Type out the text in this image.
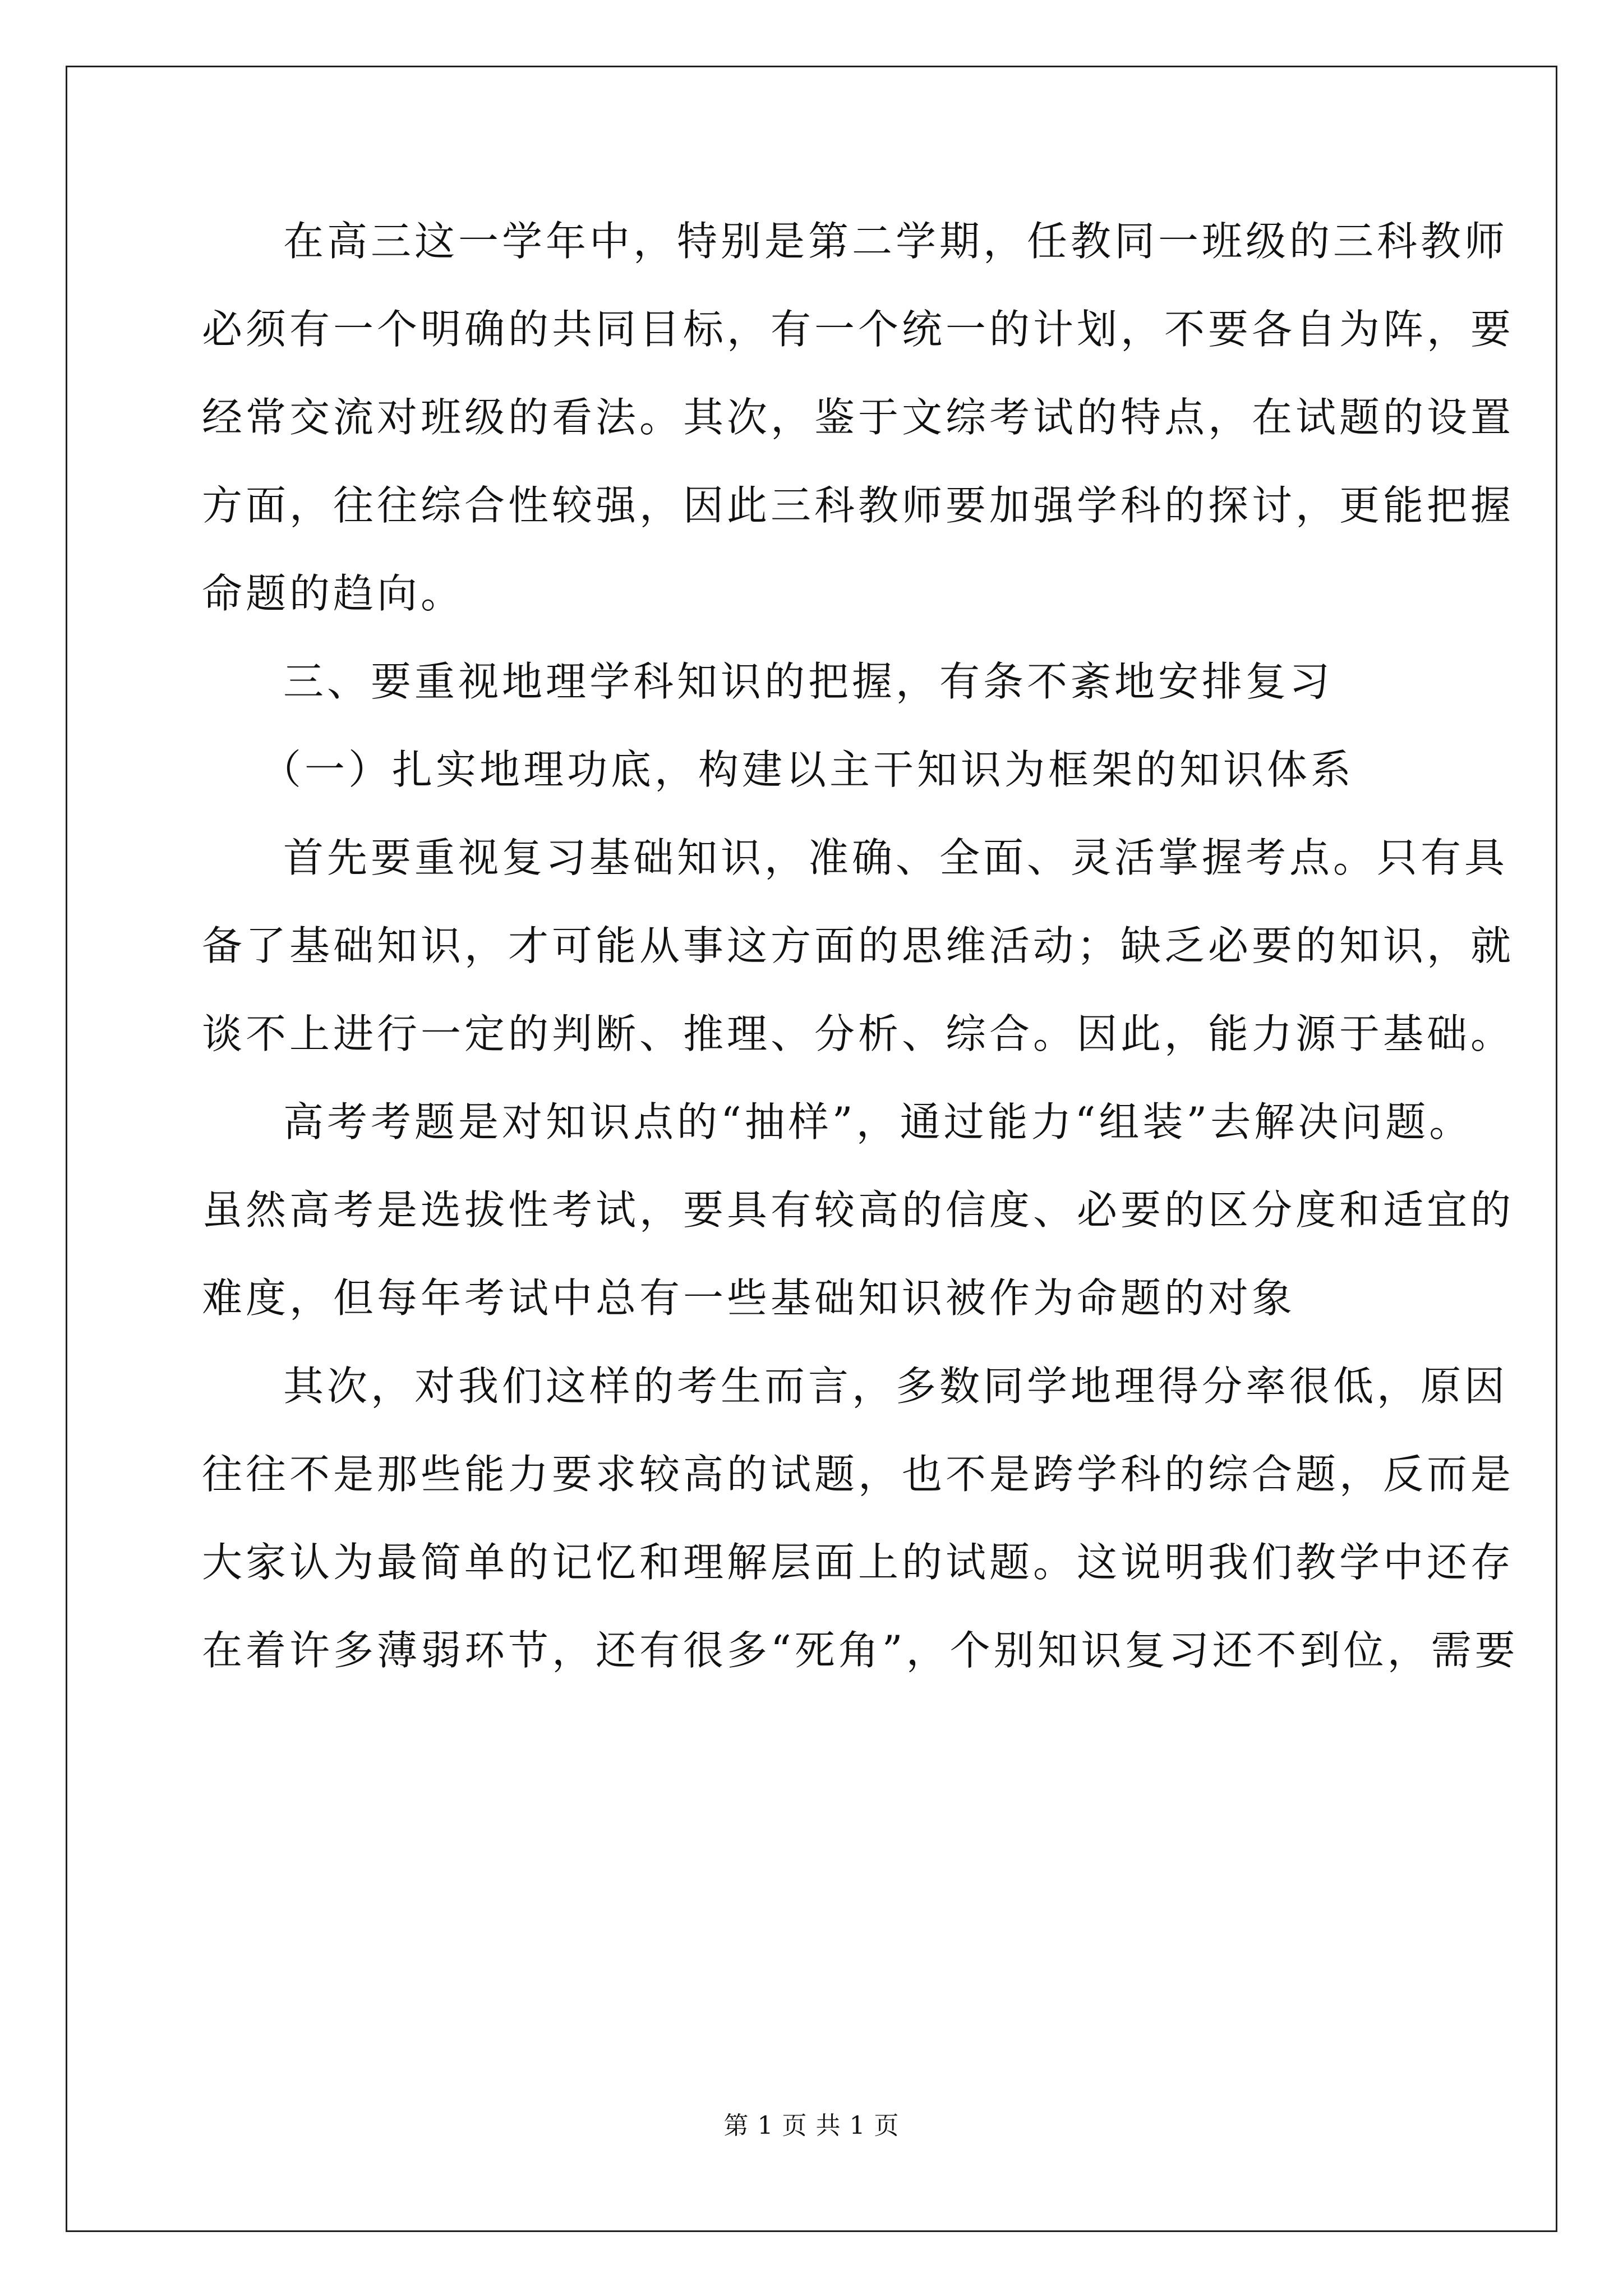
在高三这一学年中，特别是第二学期，任教同一班级的三科教师
必须有一个明确的共同目标，有一个统一的计划，不要各自为阵，要
经常交流对班级的看法。其次，鉴于文综考试的特点，在试题的设置
方面，往往综合性较强，因此三科教师要加强学科的探讨，更能把握
命题的趋向。
三、要重视地理学科知识的把握，有条不紊地安排复习
（一）扎实地理功底，构建以主干知识为框架的知识体系
首先要重视复习基础知识，准确、全面、灵活掌握考点。只有具
备了基础知识，才可能从事这方面的思维活动；缺乏必要的知识，就
谈不上进行一定的判断、推理、分析、综合。因此，能力源于基础。
高考考题是对知识点的“抽样”，通过能力“组装”去解决问题。
虽然高考是选拔性考试，要具有较高的信度、必要的区分度和适宜的
难度，但每年考试中总有一些基础知识被作为命题的对象
其次，对我们这样的考生而言，多数同学地理得分率很低，原因
往往不是那些能力要求较高的试题，也不是跨学科的综合题，反而是
大家认为最简单的记忆和理解层面上的试题。这说明我们教学中还存
在着许多薄弱环节，还有很多“死角”，个别知识复习还不到位，需要
第 1 页 共 1 页
